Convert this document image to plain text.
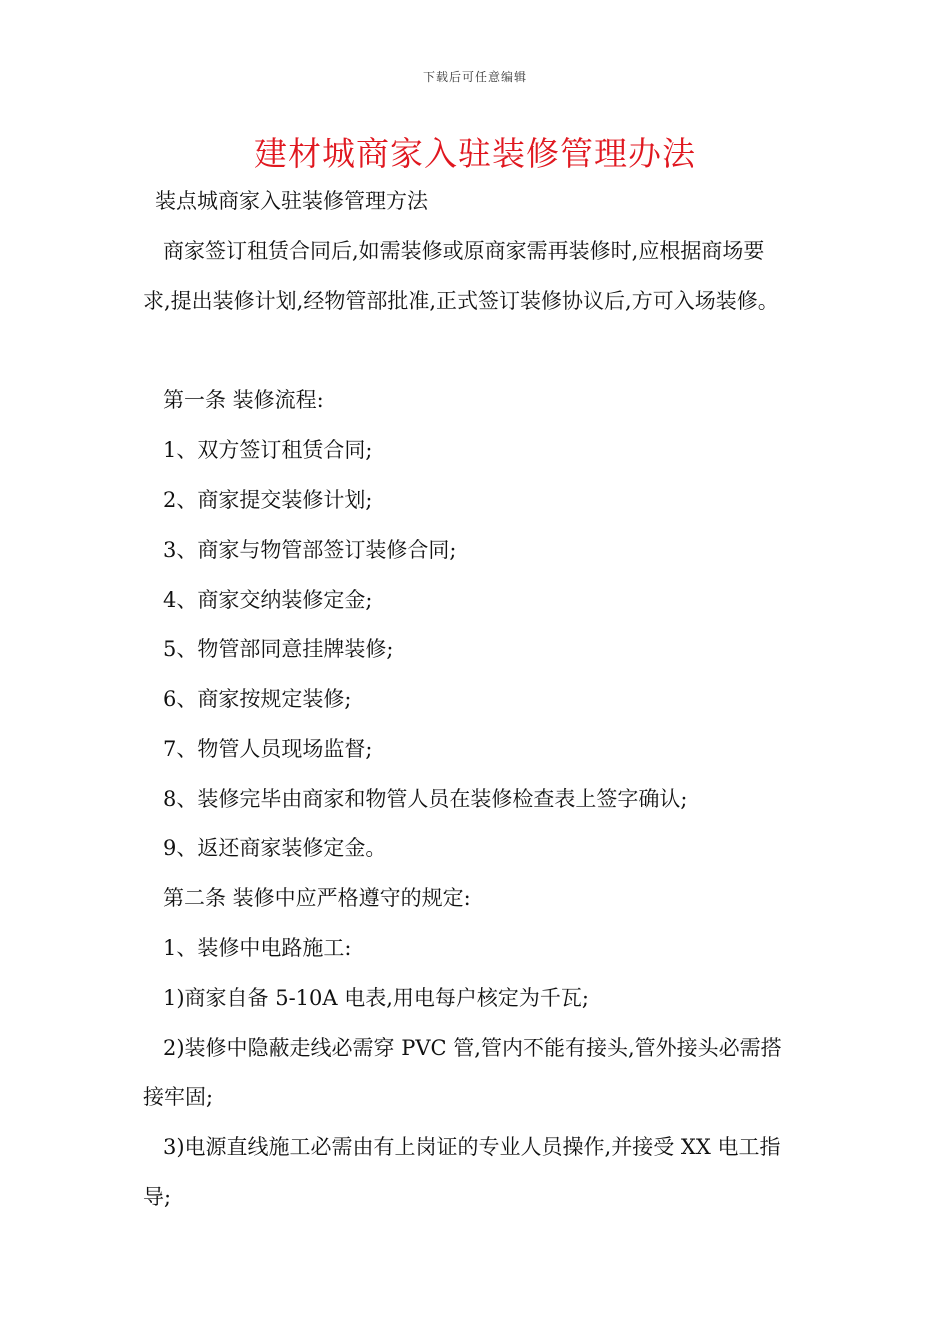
下载后可任意编辑
建材城商家入驻装修管理办法
装点城商家入驻装修管理方法
商家签订租赁合同后,如需装修或原商家需再装修时,应根据商场要
求,提出装修计划,经物管部批准,正式签订装修协议后,方可入场装修。
第一条 装修流程:
1、双方签订租赁合同;
2、商家提交装修计划;
3、商家与物管部签订装修合同;
4、商家交纳装修定金;
5、物管部同意挂牌装修;
6、商家按规定装修;
7、物管人员现场监督;
8、装修完毕由商家和物管人员在装修检查表上签字确认;
9、返还商家装修定金。
第二条 装修中应严格遵守的规定:
1、装修中电路施工:
1)商家自备 5-10A 电表,用电每户核定为千瓦;
2)装修中隐蔽走线必需穿 PVC 管,管内不能有接头,管外接头必需搭
接牢固;
3)电源直线施工必需由有上岗证的专业人员操作,并接受 XX 电工指
导;
